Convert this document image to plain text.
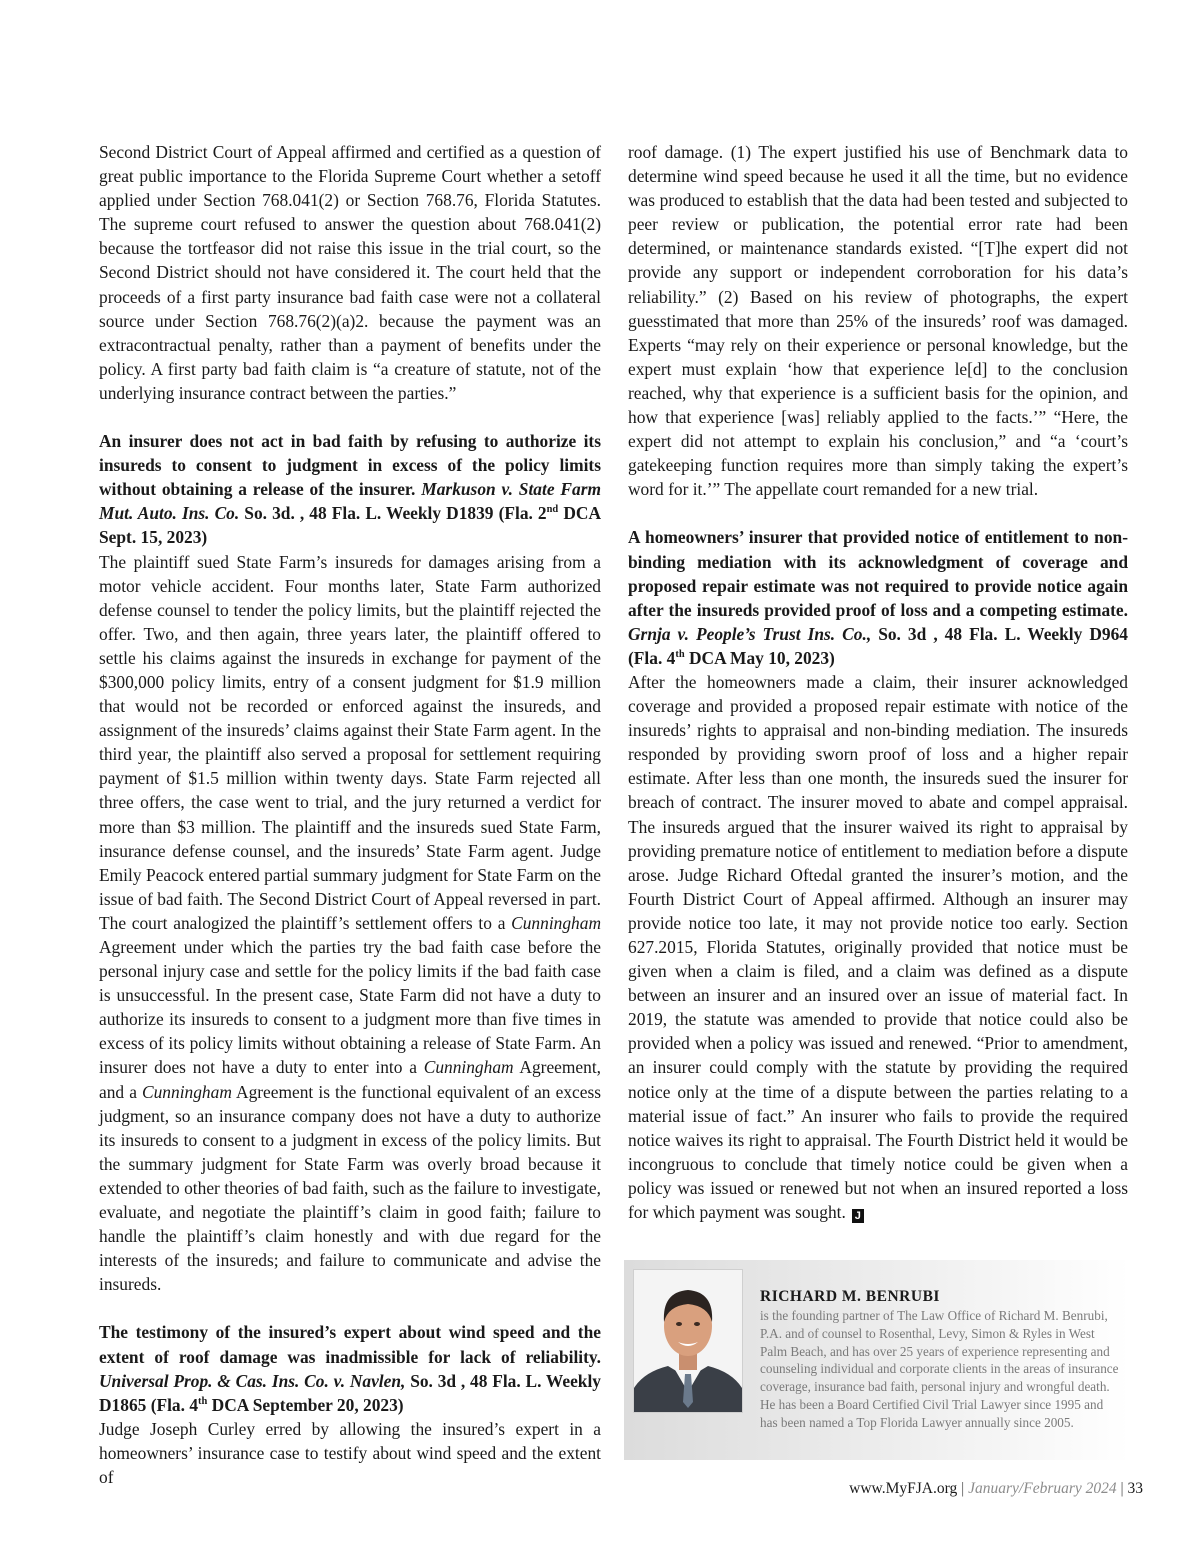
Second District Court of Appeal affirmed and certified as a question of great public importance to the Florida Supreme Court whether a setoff applied under Section 768.041(2) or Section 768.76, Florida Statutes. The supreme court refused to answer the question about 768.041(2) because the tortfeasor did not raise this issue in the trial court, so the Second District should not have considered it. The court held that the proceeds of a first party insurance bad faith case were not a collateral source under Section 768.76(2)(a)2. because the payment was an extracontractual penalty, rather than a payment of benefits under the policy. A first party bad faith claim is “a creature of statute, not of the underlying insurance contract between the parties.”

An insurer does not act in bad faith by refusing to authorize its insureds to consent to judgment in excess of the policy limits without obtaining a release of the insurer. Markuson v. State Farm Mut. Auto. Ins. Co. So. 3d. , 48 Fla. L. Weekly D1839 (Fla. 2nd DCA Sept. 15, 2023)

The plaintiff sued State Farm’s insureds for damages arising from a motor vehicle accident. Four months later, State Farm authorized defense counsel to tender the policy limits, but the plaintiff rejected the offer. Two, and then again, three years later, the plaintiff offered to settle his claims against the insureds in exchange for payment of the $300,000 policy limits, entry of a consent judgment for $1.9 million that would not be recorded or enforced against the insureds, and assignment of the insureds’ claims against their State Farm agent. In the third year, the plaintiff also served a proposal for settlement requiring payment of $1.5 million within twenty days. State Farm rejected all three offers, the case went to trial, and the jury returned a verdict for more than $3 million. The plaintiff and the insureds sued State Farm, insurance defense counsel, and the insureds’ State Farm agent. Judge Emily Peacock entered partial summary judgment for State Farm on the issue of bad faith. The Second District Court of Appeal reversed in part. The court analogized the plaintiff’s settlement offers to a Cunningham Agreement under which the parties try the bad faith case before the personal injury case and settle for the policy limits if the bad faith case is unsuccessful. In the present case, State Farm did not have a duty to authorize its insureds to consent to a judgment more than five times in excess of its policy limits without obtaining a release of State Farm. An insurer does not have a duty to enter into a Cunningham Agreement, and a Cunningham Agreement is the functional equivalent of an excess judgment, so an insurance company does not have a duty to authorize its insureds to consent to a judgment in excess of the policy limits. But the summary judgment for State Farm was overly broad because it extended to other theories of bad faith, such as the failure to investigate, evaluate, and negotiate the plaintiff’s claim in good faith; failure to handle the plaintiff’s claim honestly and with due regard for the interests of the insureds; and failure to communicate and advise the insureds.

The testimony of the insured’s expert about wind speed and the extent of roof damage was inadmissible for lack of reliability. Universal Prop. & Cas. Ins. Co. v. Navlen, So. 3d , 48 Fla. L. Weekly D1865 (Fla. 4th DCA September 20, 2023)

Judge Joseph Curley erred by allowing the insured’s expert in a homeowners’ insurance case to testify about wind speed and the extent of

roof damage. (1) The expert justified his use of Benchmark data to determine wind speed because he used it all the time, but no evidence was produced to establish that the data had been tested and subjected to peer review or publication, the potential error rate had been determined, or maintenance standards existed. “[T]he expert did not provide any support or independent corroboration for his data’s reliability.” (2) Based on his review of photographs, the expert guesstimated that more than 25% of the insureds’ roof was damaged. Experts “may rely on their experience or personal knowledge, but the expert must explain ‘how that experience le[d] to the conclusion reached, why that experience is a sufficient basis for the opinion, and how that experience [was] reliably applied to the facts.’” “Here, the expert did not attempt to explain his conclusion,” and “a ‘court’s gatekeeping function requires more than simply taking the expert’s word for it.’” The appellate court remanded for a new trial.

A homeowners’ insurer that provided notice of entitlement to non-binding mediation with its acknowledgment of coverage and proposed repair estimate was not required to provide notice again after the insureds provided proof of loss and a competing estimate. Grnja v. People’s Trust Ins. Co., So. 3d , 48 Fla. L. Weekly D964 (Fla. 4th DCA May 10, 2023)

After the homeowners made a claim, their insurer acknowledged coverage and provided a proposed repair estimate with notice of the insureds’ rights to appraisal and non-binding mediation. The insureds responded by providing sworn proof of loss and a higher repair estimate. After less than one month, the insureds sued the insurer for breach of contract. The insurer moved to abate and compel appraisal. The insureds argued that the insurer waived its right to appraisal by providing premature notice of entitlement to mediation before a dispute arose. Judge Richard Oftedal granted the insurer’s motion, and the Fourth District Court of Appeal affirmed. Although an insurer may provide notice too late, it may not provide notice too early. Section 627.2015, Florida Statutes, originally provided that notice must be given when a claim is filed, and a claim was defined as a dispute between an insurer and an insured over an issue of material fact. In 2019, the statute was amended to provide that notice could also be provided when a policy was issued and renewed. “Prior to amendment, an insurer could comply with the statute by providing the required notice only at the time of a dispute between the parties relating to a material issue of fact.” An insurer who fails to provide the required notice waives its right to appraisal. The Fourth District held it would be incongruous to conclude that timely notice could be given when a policy was issued or renewed but not when an insured reported a loss for which payment was sought. J

RICHARD M. BENRUBI
is the founding partner of The Law Office of Richard M. Benrubi, P.A. and of counsel to Rosenthal, Levy, Simon & Ryles in West Palm Beach, and has over 25 years of experience representing and counseling individual and corporate clients in the areas of insurance coverage, insurance bad faith, personal injury and wrongful death. He has been a Board Certified Civil Trial Lawyer since 1995 and has been named a Top Florida Lawyer annually since 2005.
www.MyFJA.org | January/February 2024 | 33
